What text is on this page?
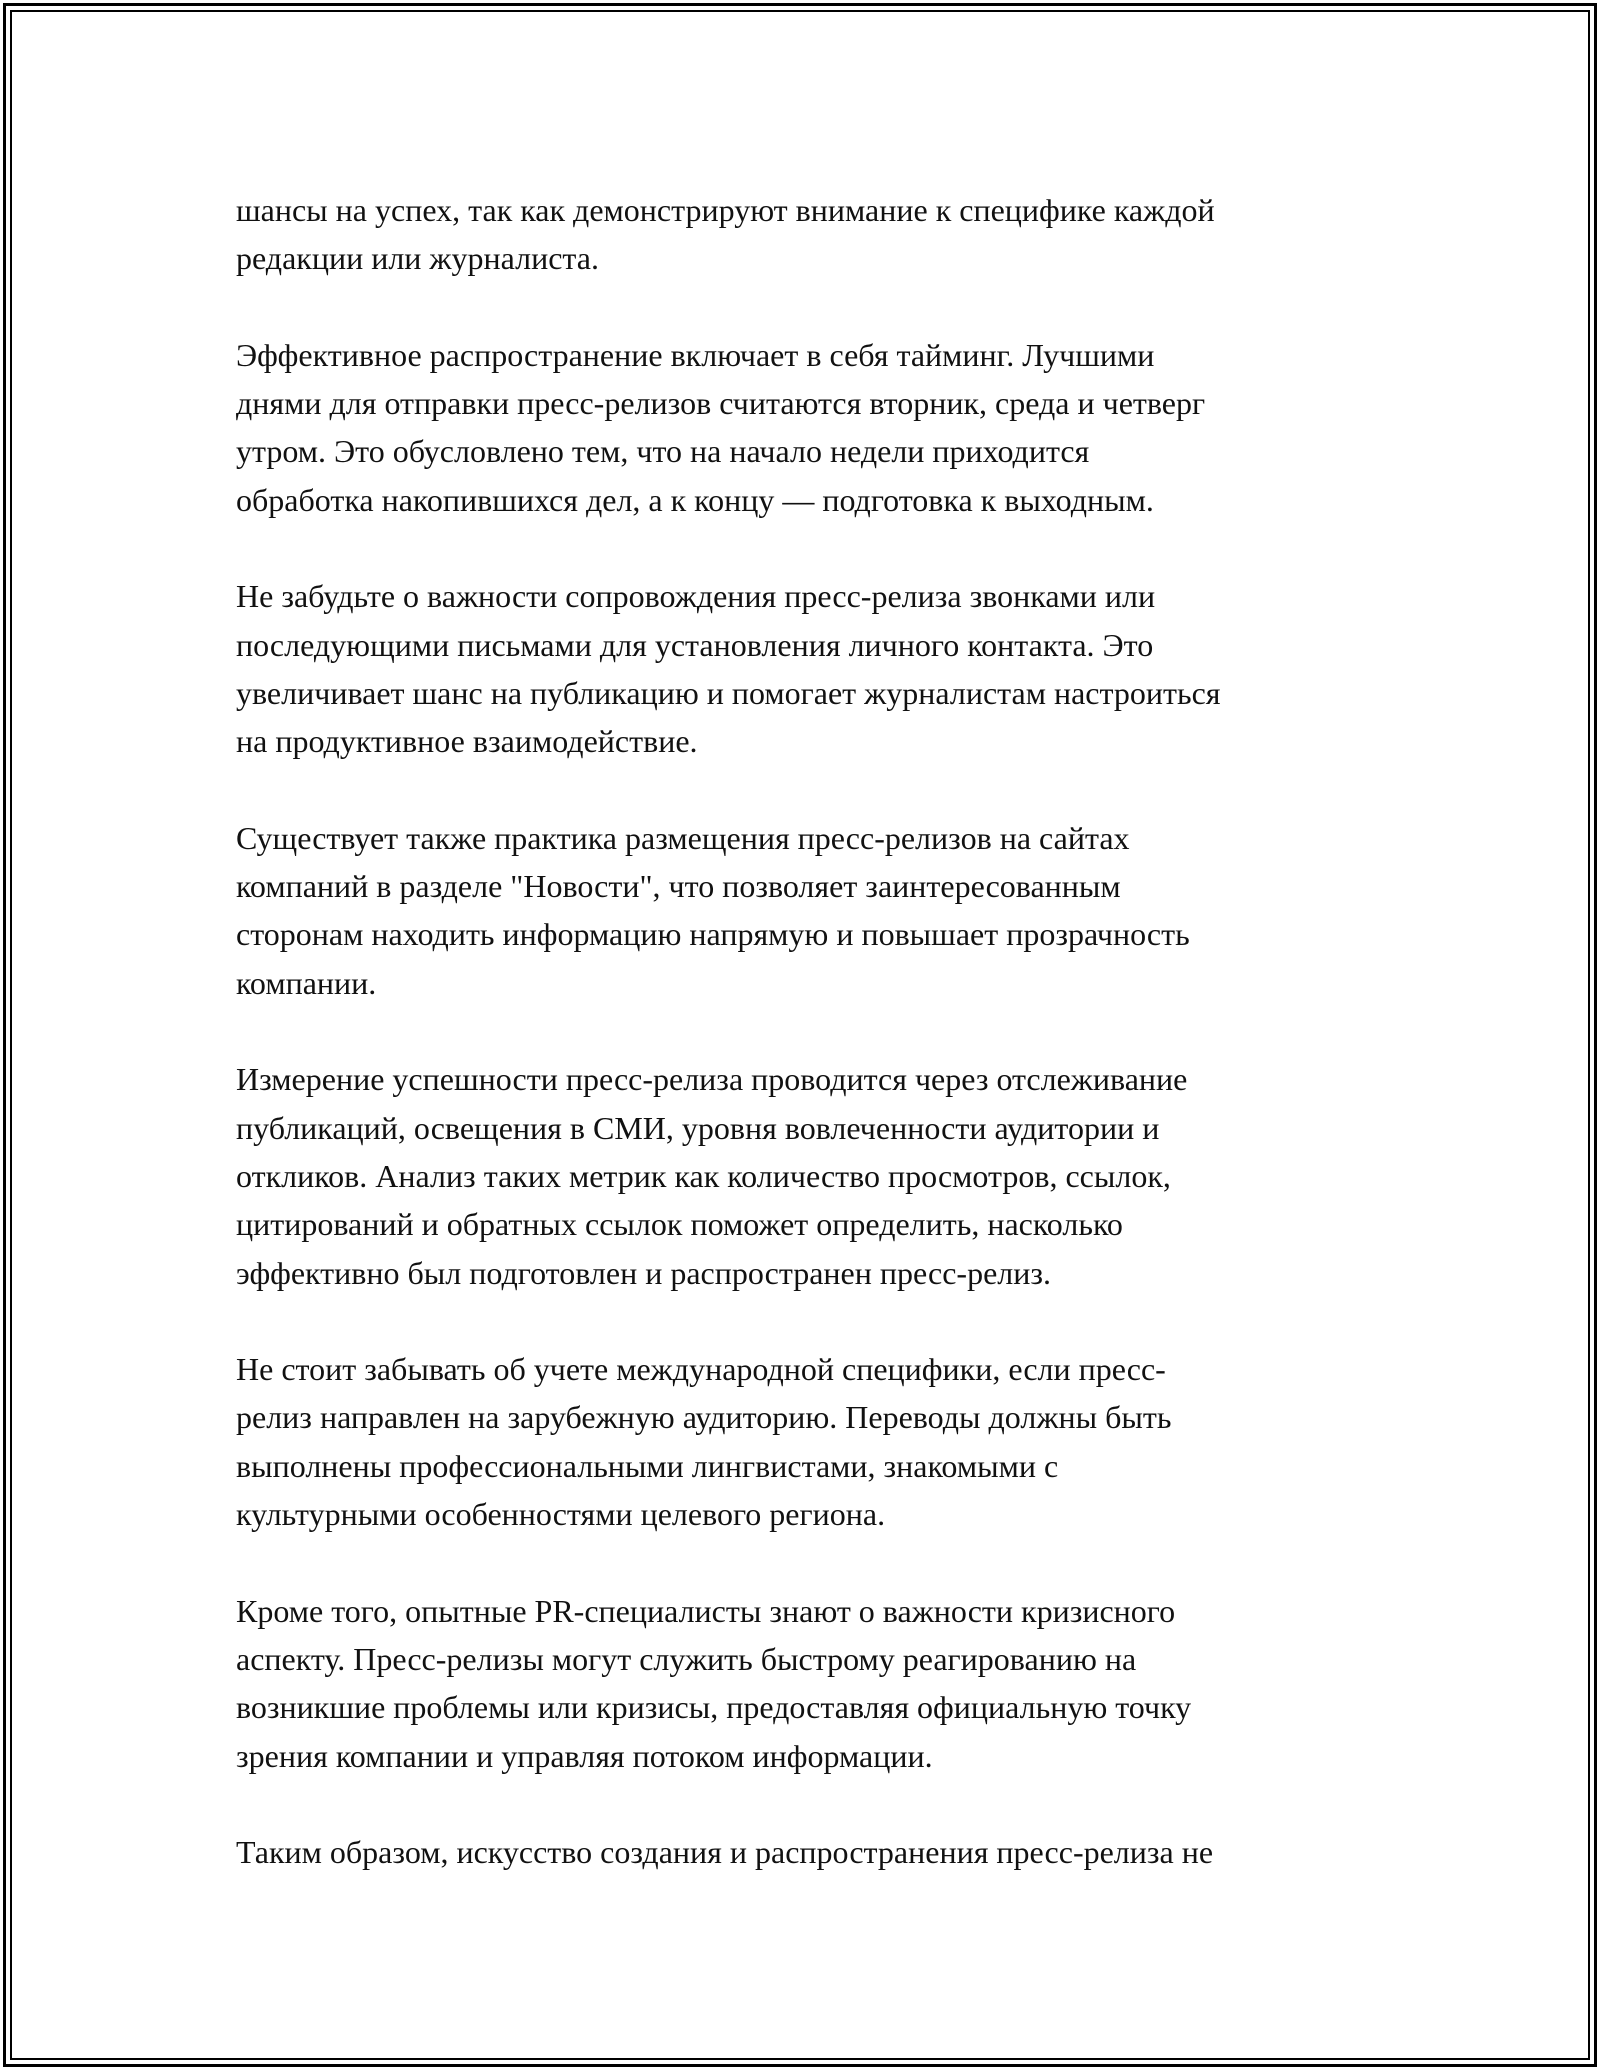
шансы на успех, так как демонстрируют внимание к специфике каждой
редакции или журналиста.
Эффективное распространение включает в себя тайминг. Лучшими
днями для отправки пресс-релизов считаются вторник, среда и четверг
утром. Это обусловлено тем, что на начало недели приходится
обработка накопившихся дел, а к концу — подготовка к выходным.
Не забудьте о важности сопровождения пресс-релиза звонками или
последующими письмами для установления личного контакта. Это
увеличивает шанс на публикацию и помогает журналистам настроиться
на продуктивное взаимодействие.
Существует также практика размещения пресс-релизов на сайтах
компаний в разделе "Новости", что позволяет заинтересованным
сторонам находить информацию напрямую и повышает прозрачность
компании.
Измерение успешности пресс-релиза проводится через отслеживание
публикаций, освещения в СМИ, уровня вовлеченности аудитории и
откликов. Анализ таких метрик как количество просмотров, ссылок,
цитирований и обратных ссылок поможет определить, насколько
эффективно был подготовлен и распространен пресс-релиз.
Не стоит забывать об учете международной специфики, если пресс-
релиз направлен на зарубежную аудиторию. Переводы должны быть
выполнены профессиональными лингвистами, знакомыми с
культурными особенностями целевого региона.
Кроме того, опытные PR-специалисты знают о важности кризисного
аспекту. Пресс-релизы могут служить быстрому реагированию на
возникшие проблемы или кризисы, предоставляя официальную точку
зрения компании и управляя потоком информации.
Таким образом, искусство создания и распространения пресс-релиза не
